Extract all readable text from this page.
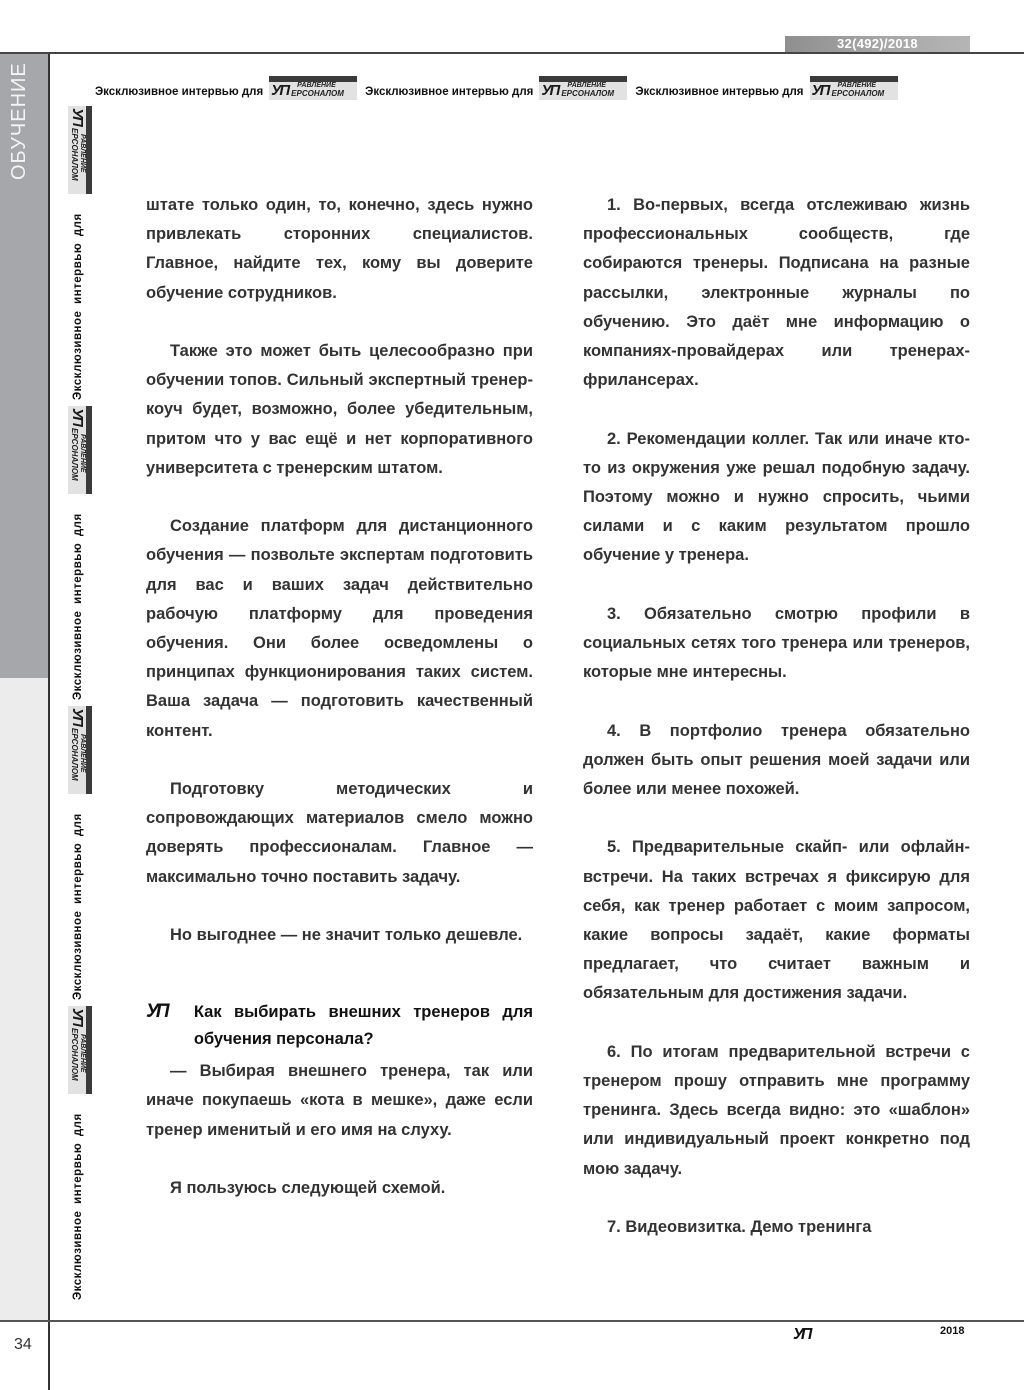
32(492)/2018
ОБУЧЕНИЕ	Эксклюзивное интервью для УП РАВЛЕНИЕ
ЕРСОНАЛОМ Эксклюзивное интервью для УП РАВЛЕНИЕ
ЕРСОНАЛОМ Эксклюзивное интервью для УП РАВЛЕНИЕ
ЕРСОНАЛОМ
УП
РАВЛЕНИЕ
ЕРСОНАЛОМ
Эксклюзивное интервью для
УП
РАВЛЕНИЕ
ЕРСОНАЛОМ
Эксклюзивное интервью для
УП
РАВЛЕНИЕ
ЕРСОНАЛОМ
Эксклюзивное интервью для
УП
РАВЛЕНИЕ
ЕРСОНАЛОМ
Эксклюзивное интервью для

штате только один, то, конечно, здесь нужно привлекать сторонних специалистов. Главное, найдите тех, кому вы доверите обучение сотрудников.

Также это может быть целесообразно при обучении топов. Сильный экспертный тренер-коуч будет, возможно, более убедительным, притом что у вас ещё и нет корпоративного университета с тренерским штатом.

Создание платформ для дистанционного обучения — позвольте экспертам подготовить для вас и ваших задач действительно рабочую платформу для проведения обучения. Они более осведомлены о принципах функционирования таких систем. Ваша задача — подготовить качественный контент.

Подготовку методических и сопровождающих материалов смело можно доверять профессионалам. Главное — максимально точно поставить задачу.

Но выгоднее — не значит только дешевле.

УП	Как выбирать внешних тренеров для обучения персонала?

— Выбирая внешнего тренера, так или иначе покупаешь «кота в мешке», даже если тренер именитый и его имя на слуху.

Я пользуюсь следующей схемой.

1. Во-первых, всегда отслеживаю жизнь профессиональных сообществ, где собираются тренеры. Подписана на разные рассылки, электронные журналы по обучению. Это даёт мне информацию о компаниях-провайдерах или тренерах-фрилансерах.

2. Рекомендации коллег. Так или иначе кто-то из окружения уже решал подобную задачу. Поэтому можно и нужно спросить, чьими силами и с каким результатом прошло обучение у тренера.

3. Обязательно смотрю профили в социальных сетях того тренера или тренеров, которые мне интересны.

4. В портфолио тренера обязательно должен быть опыт решения моей задачи или более или менее похожей.

5. Предварительные скайп- или офлайн-встречи. На таких встречах я фиксирую для себя, как тренер работает с моим запросом, какие вопросы задаёт, какие форматы предлагает, что считает важным и обязательным для достижения задачи.

6. По итогам предварительной встречи с тренером прошу отправить мне программу тренинга. Здесь всегда видно: это «шаблон» или индивидуальный проект конкретно под мою задачу.

7. Видеовизитка. Демо тренинга

34
УП	2018
